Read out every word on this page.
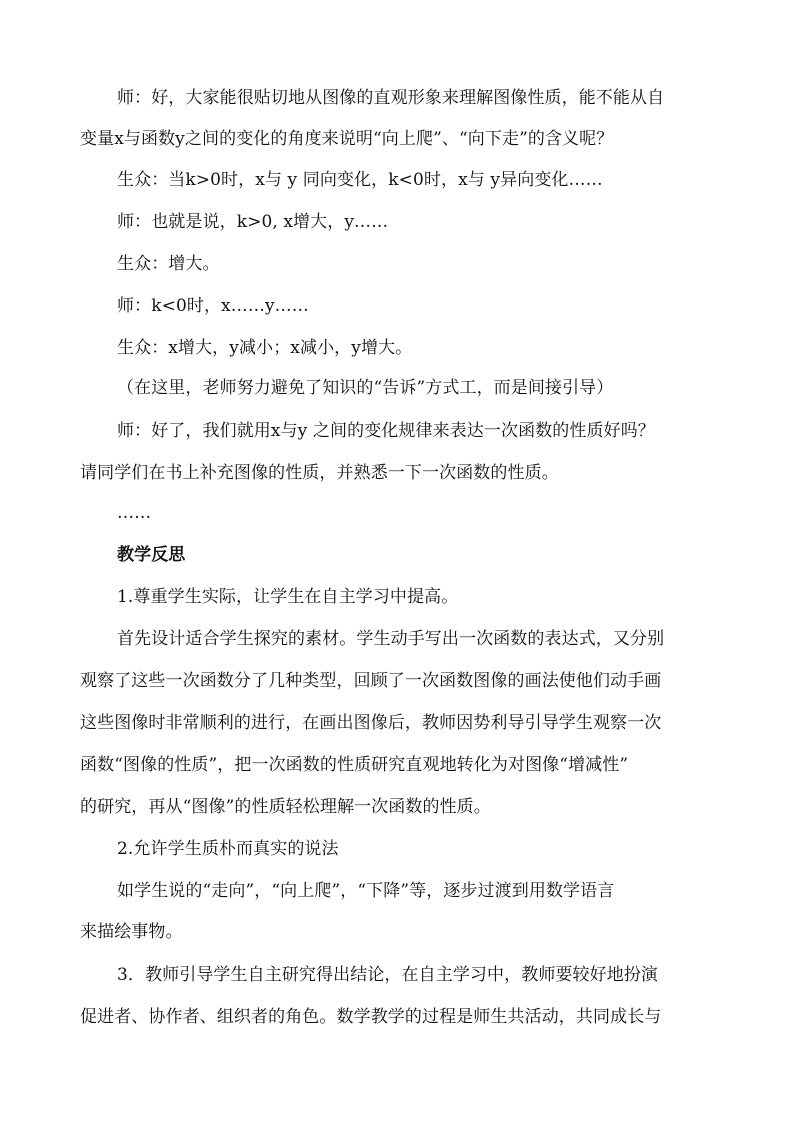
师：好，大家能很贴切地从图像的直观形象来理解图像性质，能不能从自
变量x与函数y之间的变化的角度来说明“向上爬”、“向下走”的含义呢？
生众：当k>0时，x与 y 同向变化，k<0时，x与 y异向变化……
师：也就是说，k>0, x增大，y……
生众：增大。
师：k<0时，x……y……
生众：x增大，y减小；x减小，y增大。
（在这里，老师努力避免了知识的“告诉”方式工，而是间接引导）
师：好了，我们就用x与y 之间的变化规律来表达一次函数的性质好吗？
请同学们在书上补充图像的性质，并熟悉一下一次函数的性质。
……
教学反思
1.尊重学生实际，让学生在自主学习中提高。
首先设计适合学生探究的素材。学生动手写出一次函数的表达式，又分别
观察了这些一次函数分了几种类型，回顾了一次函数图像的画法使他们动手画
这些图像时非常顺利的进行，在画出图像后，教师因势利导引导学生观察一次
函数“图像的性质”，把一次函数的性质研究直观地转化为对图像“增减性”
的研究，再从“图像”的性质轻松理解一次函数的性质。
2.允许学生质朴而真实的说法
如学生说的“走向”，“向上爬”，“下降”等，逐步过渡到用数学语言
来描绘事物。
3．教师引导学生自主研究得出结论，在自主学习中，教师要较好地扮演
促进者、协作者、组织者的角色。数学教学的过程是师生共活动，共同成长与
